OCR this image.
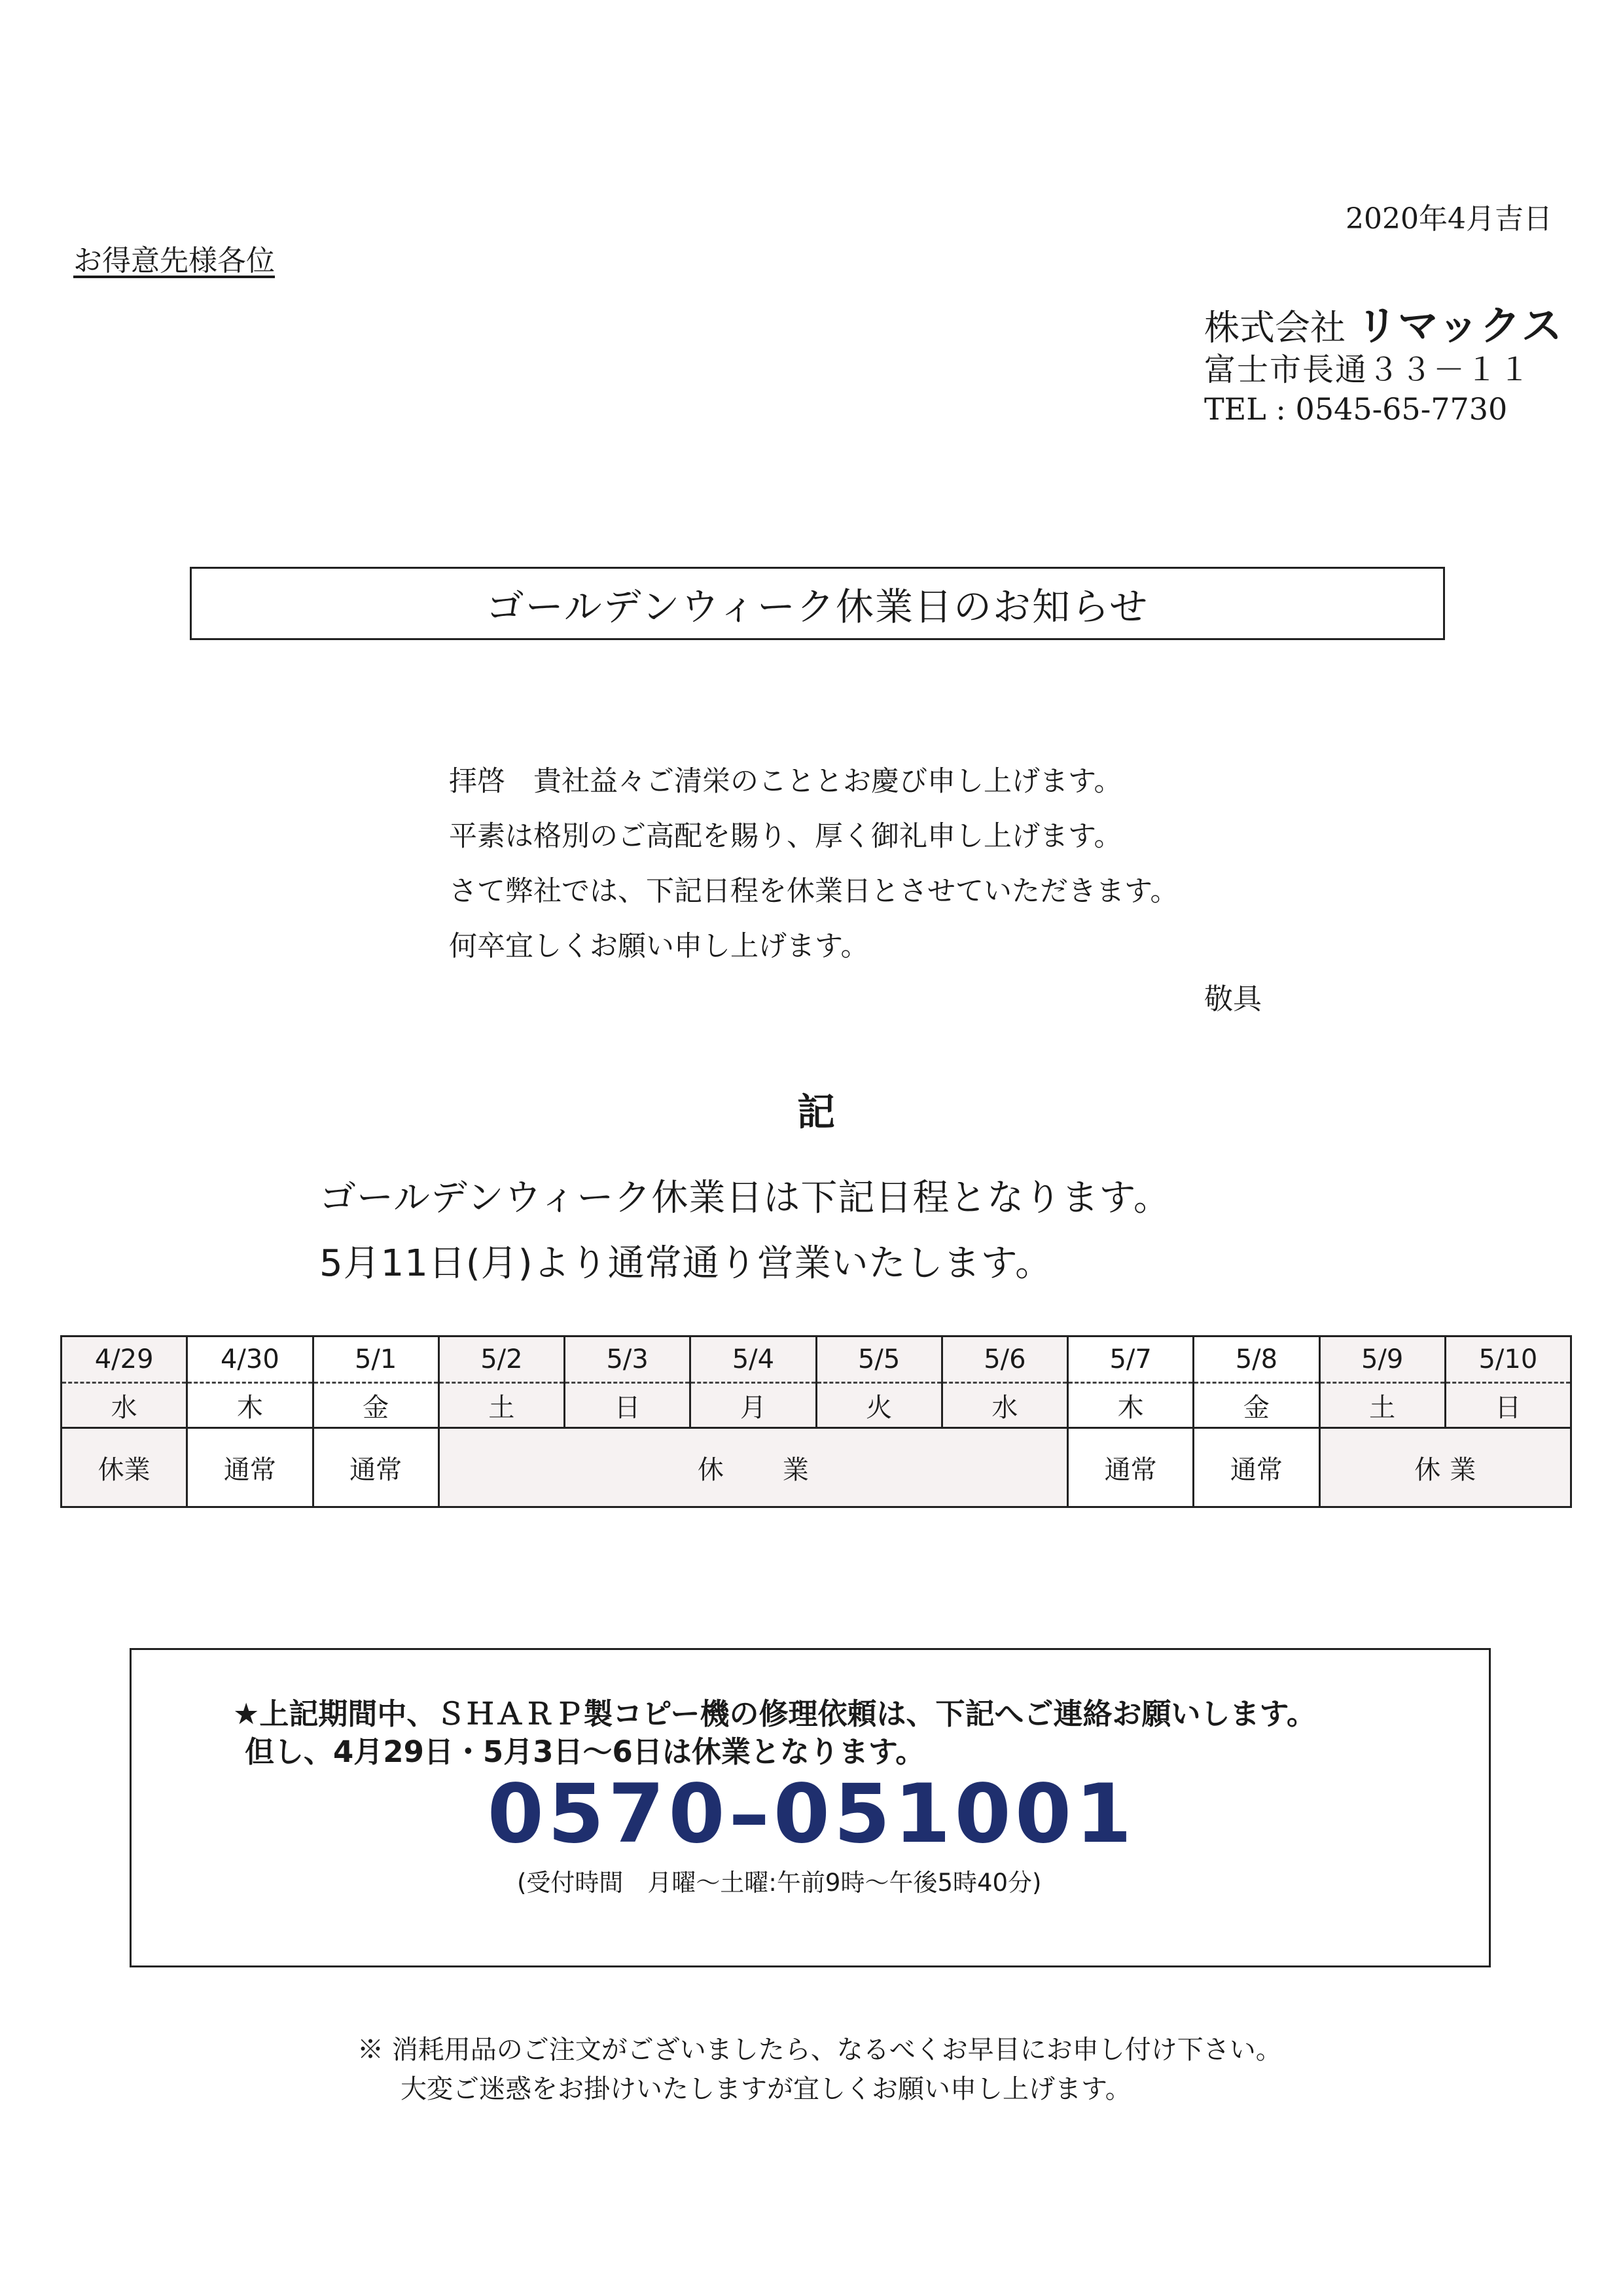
2020年4月吉日
お得意先様各位
株式会社 リマックス
富士市長通３３－１１
TEL : 0545-65-7730
ゴールデンウィーク休業日のお知らせ
拝啓　貴社益々ご清栄のこととお慶び申し上げます。
平素は格別のご高配を賜り、厚く御礼申し上げます。
さて弊社では、下記日程を休業日とさせていただきます。
何卒宜しくお願い申し上げます。
敬具
記
ゴールデンウィーク休業日は下記日程となります。
5月11日(月)より通常通り営業いたします。
4/29	4/30	5/1	5/2	5/3	5/4	5/5	5/6	5/7	5/8	5/9	5/10
水	木	金	土	日	月	火	水	木	金	土	日
休業	通常	通常	休業					通常	通常	休業	
★上記期間中、ＳＨＡＲＰ製コピー機の修理依頼は、下記へご連絡お願いします。
但し、4月29日・5月3日～6日は休業となります。
0570–051001
(受付時間　月曜～土曜:午前9時～午後5時40分)
※ 消耗用品のご注文がございましたら、なるべくお早目にお申し付け下さい。
大変ご迷惑をお掛けいたしますが宜しくお願い申し上げます。
